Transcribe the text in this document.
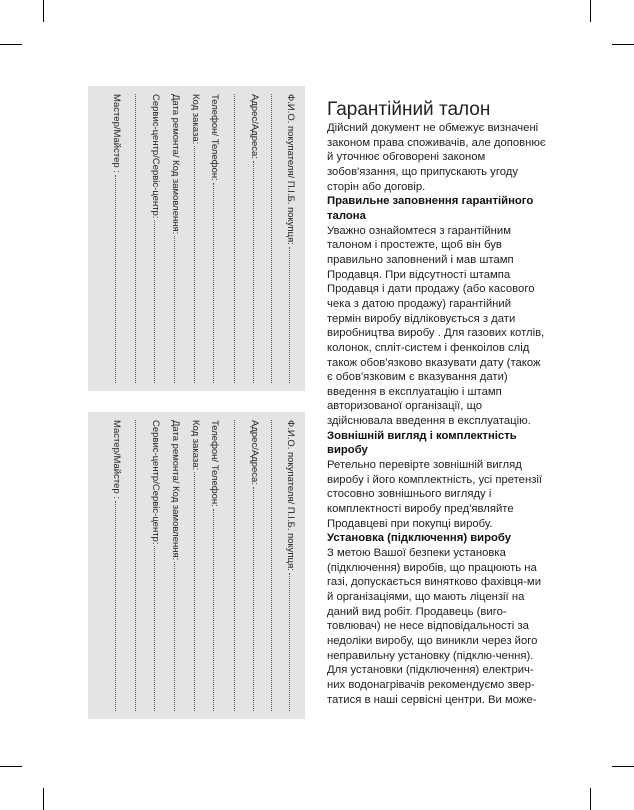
Ф.И.О. покупателя/ П.І.Б. покупця:
Адрес/Адреса:
Телефон/ Телефон:
Код заказа:
Дата ремонта/ Код замовлення:
Сервис-центр/Сервіс-центр:
Мастер/Майстер :
Ф.И.О. покупателя/ П.І.Б. покупця:
Адрес/Адреса:
Телефон/ Телефон:
Код заказа:
Дата ремонта/ Код замовлення:
Сервис-центр/Сервіс-центр:
Мастер/Майстер :
Гарантійний талон

Дійсний документ не обмежує визначені законом права споживачів, але доповнює й уточнює обговорені законом зобов'язання, що припускають угоду сторін або договір.

Правильне заповнення гарантійного талона

Уважно ознайомтеся з гарантійним талоном і простежте, щоб він був правильно заповнений і мав штамп Продавця. При відсутності штампа Продавця і дати продажу (або касового чека з датою продажу) гарантійний термін виробу відліковується з дати виробництва виробу . Для газових котлів, колонок, спліт-систем і фенкоілов слід також обов'язково вказувати дату (також є обов'язковим є вказування дати) введення в експлуатацію і штамп авторизованої організації, що здійснювала введення в експлуатацію.

Зовнішній вигляд і комплектність виробу

Ретельно перевірте зовнішній вигляд виробу і його комплектність, усі претензії стосовно зовнішнього вигляду і комплектності виробу пред'являйте Продавцеві при покупці виробу.

Установка (підключення) виробу

З метою Вашої безпеки установка (підключення) виробів, що працюють на газі, допускається винятково фахівця-ми й організаціями, що мають ліцензії на даний вид робіт. Продавець (виго-товлювач) не несе відповідальності за недоліки виробу, що виникли через його неправильну установку (підклю-чення).

Для установки (підключення) електрич-них водонагрівачів рекомендуємо звер-татися в наші сервісні центри. Ви може-
